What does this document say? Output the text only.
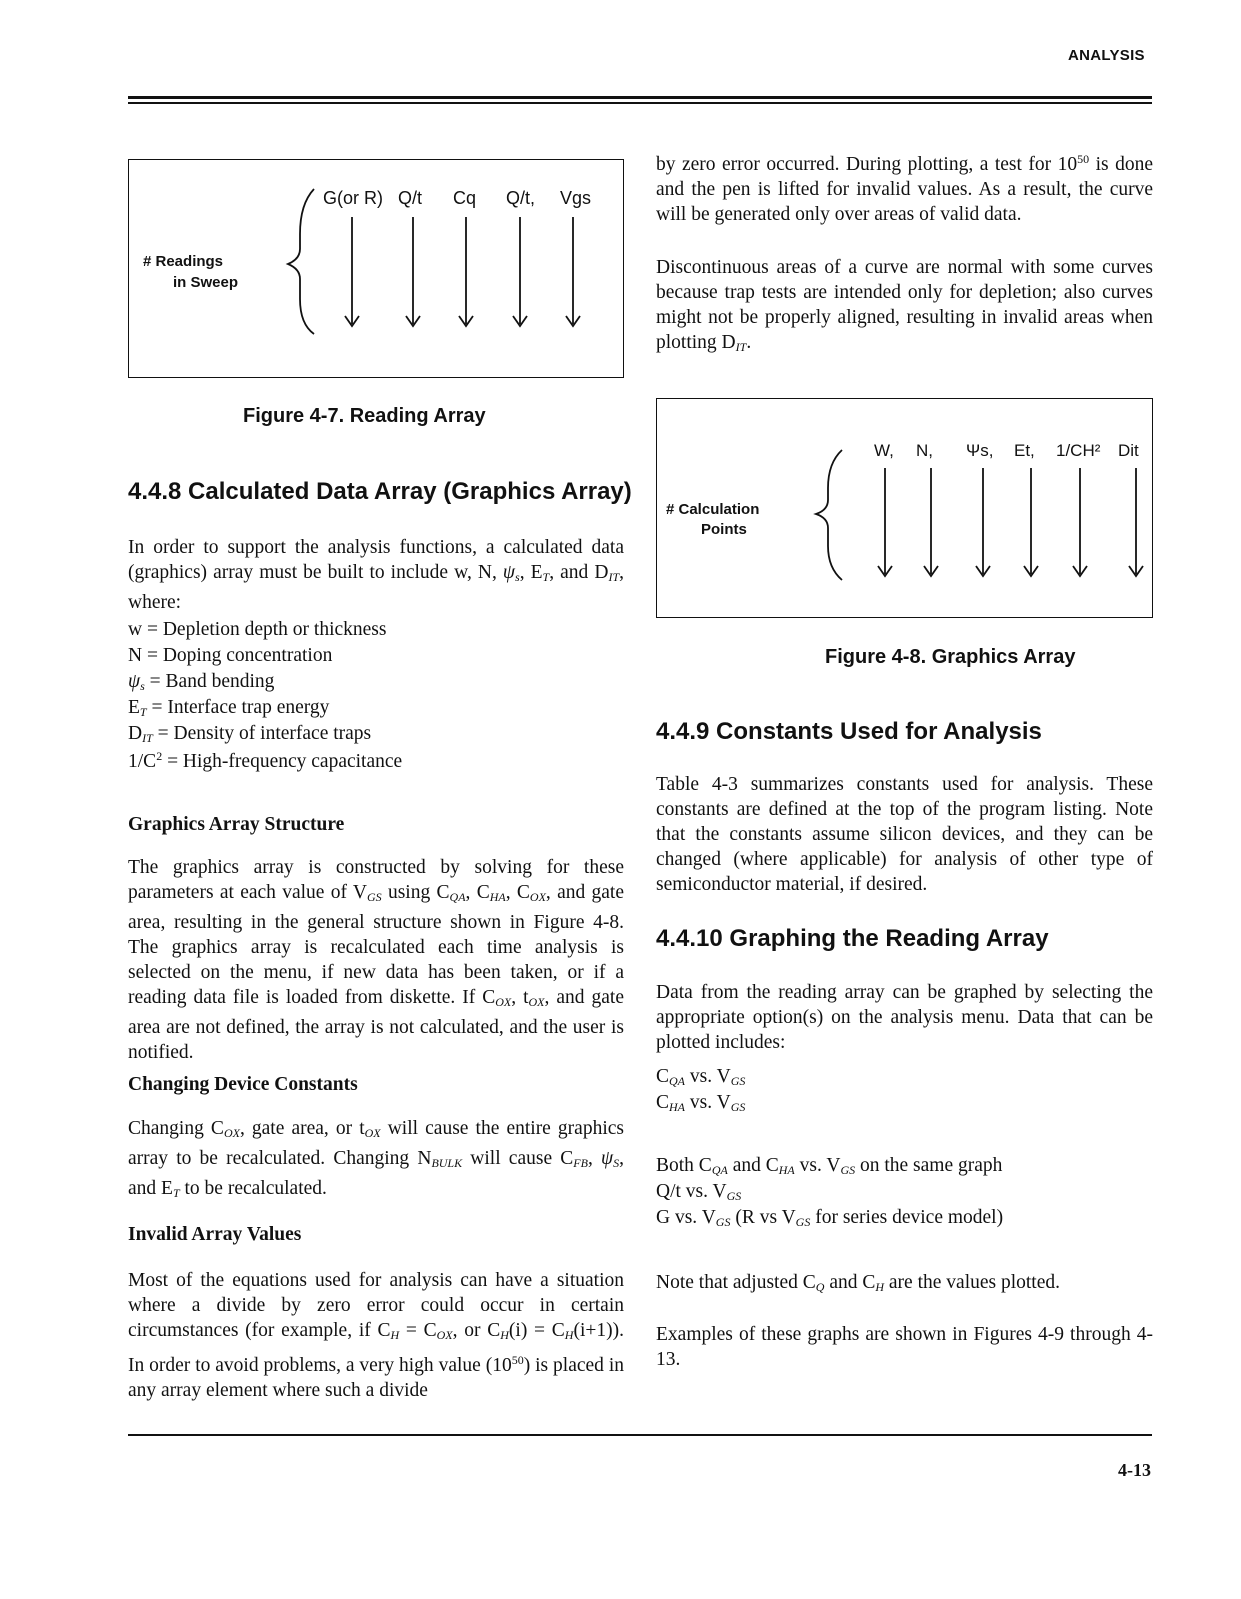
ANALYSIS
G(or R) Q/t Cq Q/t, Vgs
# Readings
in Sweep
Figure 4-7. Reading Array
4.4.8 Calculated Data Array (Graphics Array)
In order to support the analysis functions, a calculated data (graphics) array must be built to include w, N, $\psi_s$, $E_T$, and $D_{IT}$, where:
w = Depletion depth or thickness
N = Doping concentration
$\psi_s$ = Band bending
$E_T$ = Interface trap energy
$D_{IT}$ = Density of interface traps
$1/C^2$ = High-frequency capacitance
Graphics Array Structure
The graphics array is constructed by solving for these parameters at each value of $V_{GS}$ using $C_{QA}$, $C_{HA}$, $C_{OX}$, and gate area, resulting in the general structure shown in Figure 4-8. The graphics array is recalculated each time analysis is selected on the menu, if new data has been taken, or if a reading data file is loaded from diskette. If $C_{OX}$, $t_{OX}$, and gate area are not defined, the array is not calculated, and the user is notified.
Changing Device Constants
Changing $C_{OX}$, gate area, or $t_{OX}$ will cause the entire graphics array to be recalculated. Changing $N_{BULK}$ will cause $C_{FB}$, $\psi_S$, and $E_T$ to be recalculated.
Invalid Array Values
Most of the equations used for analysis can have a situation where a divide by zero error could occur in certain circumstances (for example, if $C_H = C_{OX}$, or $C_H(i) = C_H(i+1)$). In order to avoid problems, a very high value $(10^{50})$ is placed in any array element where such a divide
by zero error occurred. During plotting, a test for $10^{50}$ is done and the pen is lifted for invalid values. As a result, the curve will be generated only over areas of valid data.
Discontinuous areas of a curve are normal with some curves because trap tests are intended only for depletion; also curves might not be properly aligned, resulting in invalid areas when plotting $D_{IT}$.
W, N, Ψs, Et, 1/CH² Dit
# Calculation
Points
Figure 4-8. Graphics Array
4.4.9 Constants Used for Analysis
Table 4-3 summarizes constants used for analysis. These constants are defined at the top of the program listing. Note that the constants assume silicon devices, and they can be changed (where applicable) for analysis of other type of semiconductor material, if desired.
4.4.10 Graphing the Reading Array
Data from the reading array can be graphed by selecting the appropriate option(s) on the analysis menu. Data that can be plotted includes:
$C_{QA}$ vs. $V_{GS}$
$C_{HA}$ vs. $V_{GS}$
Both $C_{QA}$ and $C_{HA}$ vs. $V_{GS}$ on the same graph
Q/t vs. $V_{GS}$
G vs. $V_{GS}$ (R vs $V_{GS}$ for series device model)
Note that adjusted $C_Q$ and $C_H$ are the values plotted.
Examples of these graphs are shown in Figures 4-9 through 4-13.
4-13
